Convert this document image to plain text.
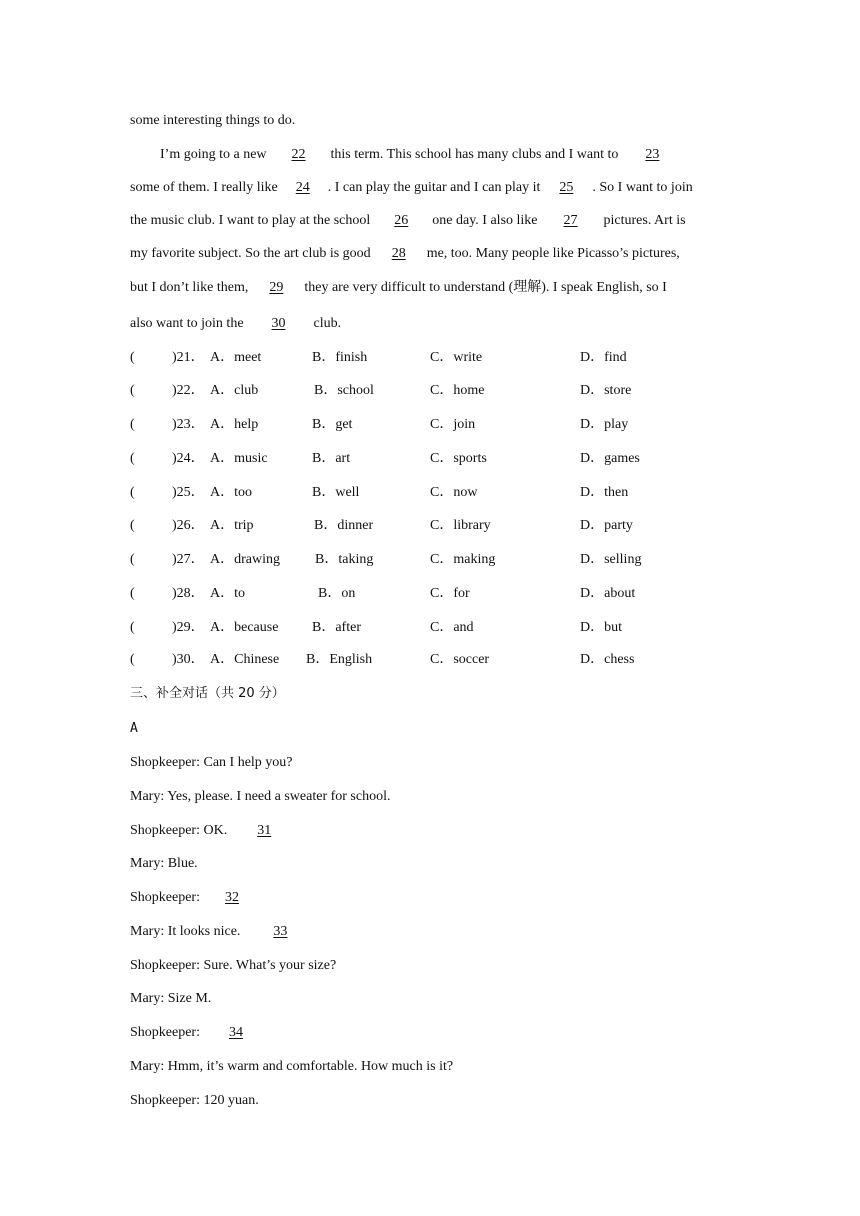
some interesting things to do.
I’m going to a new 22 this term. This school has many clubs and I want to 23
some of them. I really like 24 . I can play the guitar and I can play it 25 . So I want to join
the music club. I want to play at the school 26 one day. I also like 27 pictures. Art is
my favorite subject. So the art club is good 28 me, too. Many people like Picasso’s pictures,
but I don’t like them, 29 they are very difficult to understand (理解). I speak English, so I
also want to join the 30 club.
(	)21． A．meet	B．finish	C．write	D．find
(	)22． A．club	B．school	C．home	D．store
(	)23． A．help	B．get	C．join	D．play
(	)24． A．music	B．art	C．sports	D．games
(	)25． A．too	B．well	C．now	D．then
(	)26． A．trip	B．dinner	C．library	D．party
(	)27． A．drawing	B．taking	C．making	D．selling
(	)28． A．to	B．on	C．for	D．about
(	)29． A．because B．after	C．and	D．but
(	)30． A．Chinese B．English	C．soccer	D．chess
三、补全对话（共 20 分）
A
Shopkeeper: Can I help you?
Mary: Yes, please. I need a sweater for school.
Shopkeeper: OK. 31
Mary: Blue.
Shopkeeper: 32
Mary: It looks nice. 33
Shopkeeper: Sure. What’s your size?
Mary: Size M.
Shopkeeper: 34
Mary: Hmm, it’s warm and comfortable. How much is it?
Shopkeeper: 120 yuan.
